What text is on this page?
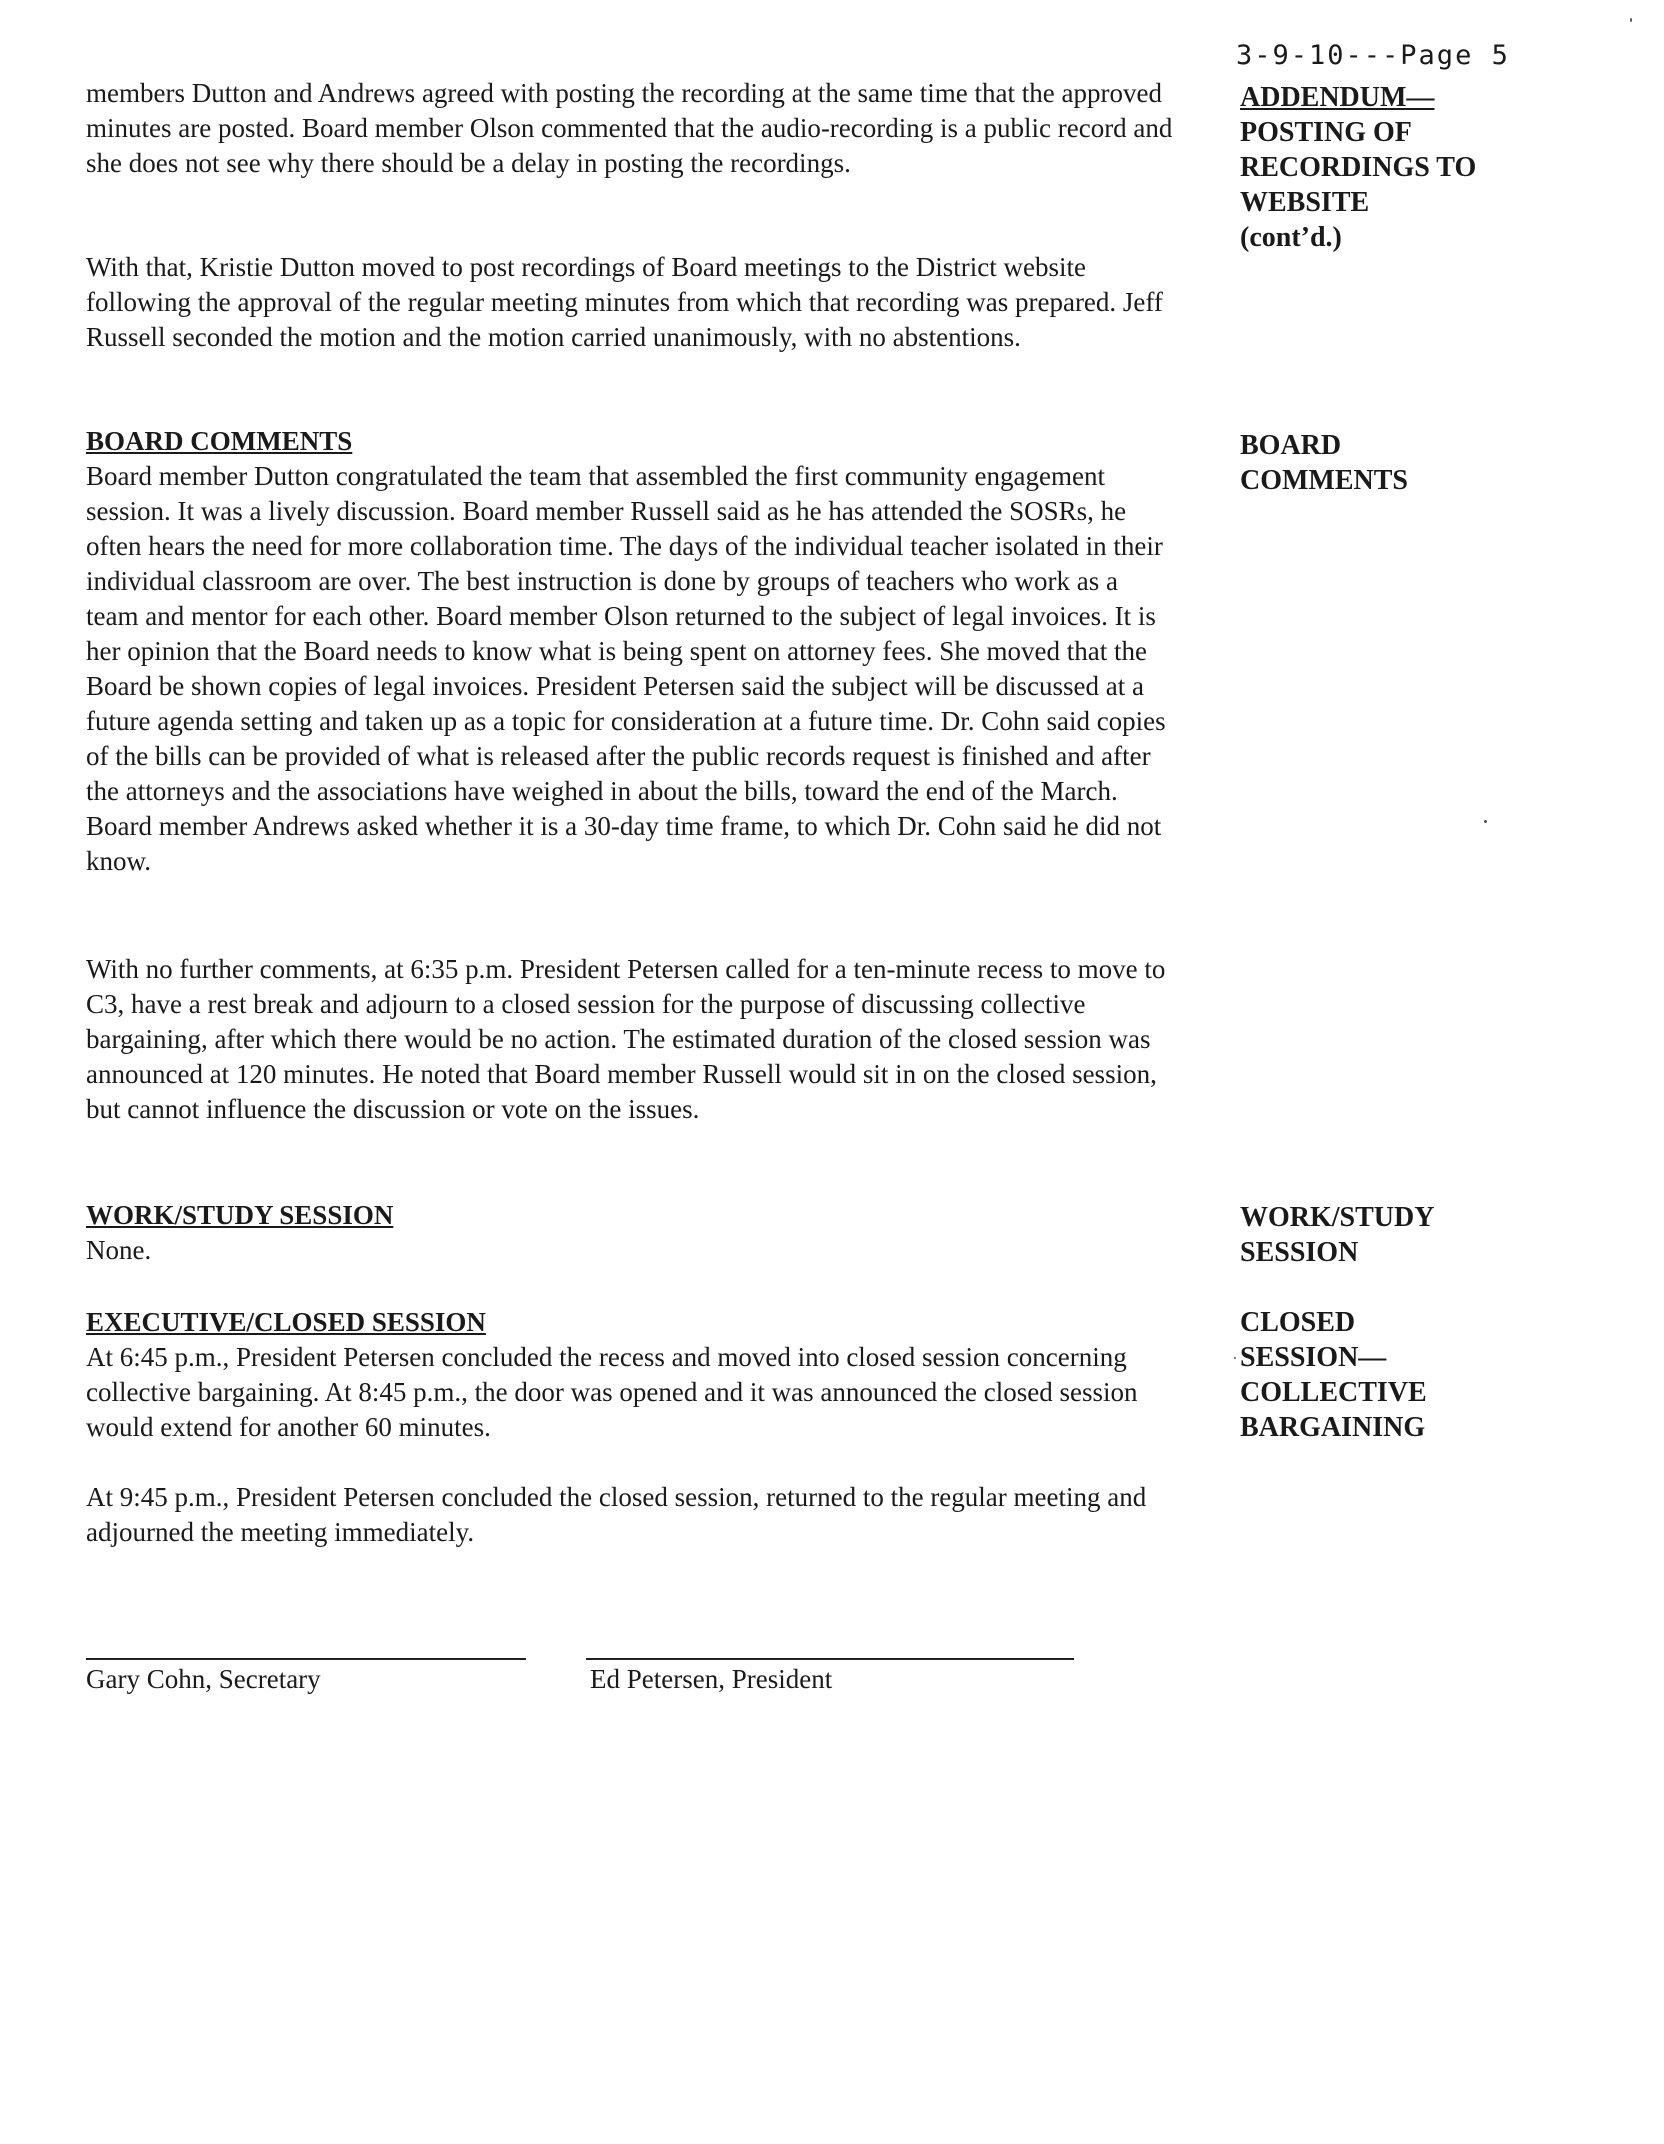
3-9-10---Page 5
ADDENDUM—
POSTING OF
RECORDINGS TO
WEBSITE
(cont’d.)
BOARD
COMMENTS
WORK/STUDY
SESSION
CLOSED
SESSION—
COLLECTIVE
BARGAINING

members Dutton and Andrews agreed with posting the recording at the same time that the approved minutes are posted. Board member Olson commented that the audio-recording is a public record and she does not see why there should be a delay in posting the recordings.

With that, Kristie Dutton moved to post recordings of Board meetings to the District website following the approval of the regular meeting minutes from which that recording was prepared. Jeff Russell seconded the motion and the motion carried unanimously, with no abstentions.

BOARD COMMENTS

Board member Dutton congratulated the team that assembled the first community engagement session. It was a lively discussion. Board member Russell said as he has attended the SOSRs, he often hears the need for more collaboration time. The days of the individual teacher isolated in their individual classroom are over. The best instruction is done by groups of teachers who work as a team and mentor for each other. Board member Olson returned to the subject of legal invoices. It is her opinion that the Board needs to know what is being spent on attorney fees. She moved that the Board be shown copies of legal invoices. President Petersen said the subject will be discussed at a future agenda setting and taken up as a topic for consideration at a future time. Dr. Cohn said copies of the bills can be provided of what is released after the public records request is finished and after the attorneys and the associations have weighed in about the bills, toward the end of the March. Board member Andrews asked whether it is a 30-day time frame, to which Dr. Cohn said he did not know.

With no further comments, at 6:35 p.m. President Petersen called for a ten-minute recess to move to C3, have a rest break and adjourn to a closed session for the purpose of discussing collective bargaining, after which there would be no action. The estimated duration of the closed session was announced at 120 minutes. He noted that Board member Russell would sit in on the closed session, but cannot influence the discussion or vote on the issues.

WORK/STUDY SESSION

None.

EXECUTIVE/CLOSED SESSION

At 6:45 p.m., President Petersen concluded the recess and moved into closed session concerning collective bargaining. At 8:45 p.m., the door was opened and it was announced the closed session would extend for another 60 minutes.

At 9:45 p.m., President Petersen concluded the closed session, returned to the regular meeting and adjourned the meeting immediately.

Gary Cohn, Secretary	Ed Petersen, President
